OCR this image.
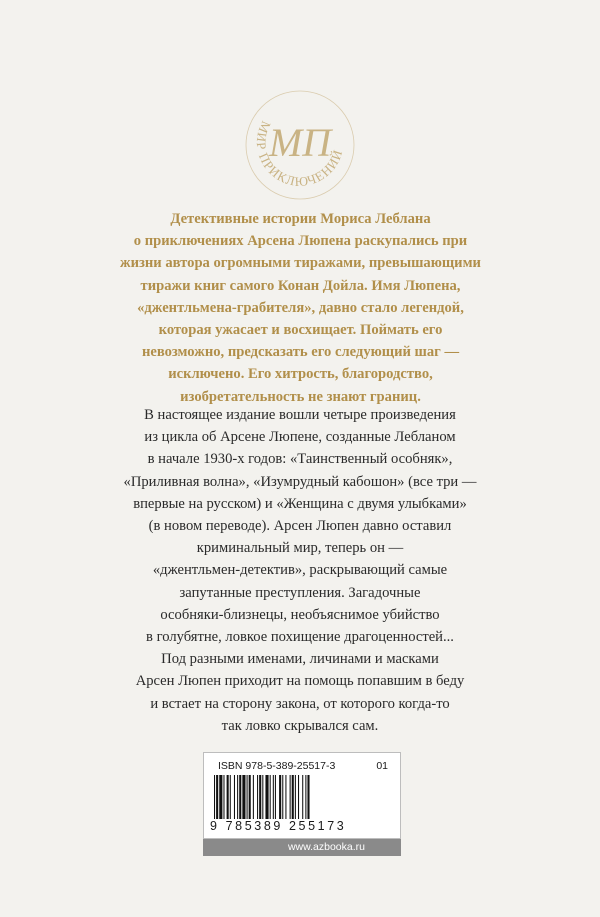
МИР ПРИКЛЮЧЕНИЙ
МП

Детективные истории Мориса Леблана
о приключениях Арсена Люпена раскупались при
жизни автора огромными тиражами, превышающими
тиражи книг самого Конан Дойла. Имя Люпена,
«джентльмена-грабителя», давно стало легендой,
которая ужасает и восхищает. Поймать его
невозможно, предсказать его следующий шаг —
исключено. Его хитрость, благородство,
изобретательность не знают границ.

В настоящее издание вошли четыре произведения
из цикла об Арсене Люпене, созданные Лебланом
в начале 1930-х годов: «Таинственный особняк»,
«Приливная волна», «Изумрудный кабошон» (все три —
впервые на русском) и «Женщина с двумя улыбками»
(в новом переводе). Арсен Люпен давно оставил
криминальный мир, теперь он —
«джентльмен-детектив», раскрывающий самые
запутанные преступления. Загадочные
особняки-близнецы, необъяснимое убийство
в голубятне, ловкое похищение драгоценностей...
Под разными именами, личинами и масками
Арсен Люпен приходит на помощь попавшим в беду
и встает на сторону закона, от которого когда-то
так ловко скрывался сам.

ISBN 978-5-389-25517-3	01
9 785389 255173
www.azbooka.ru
